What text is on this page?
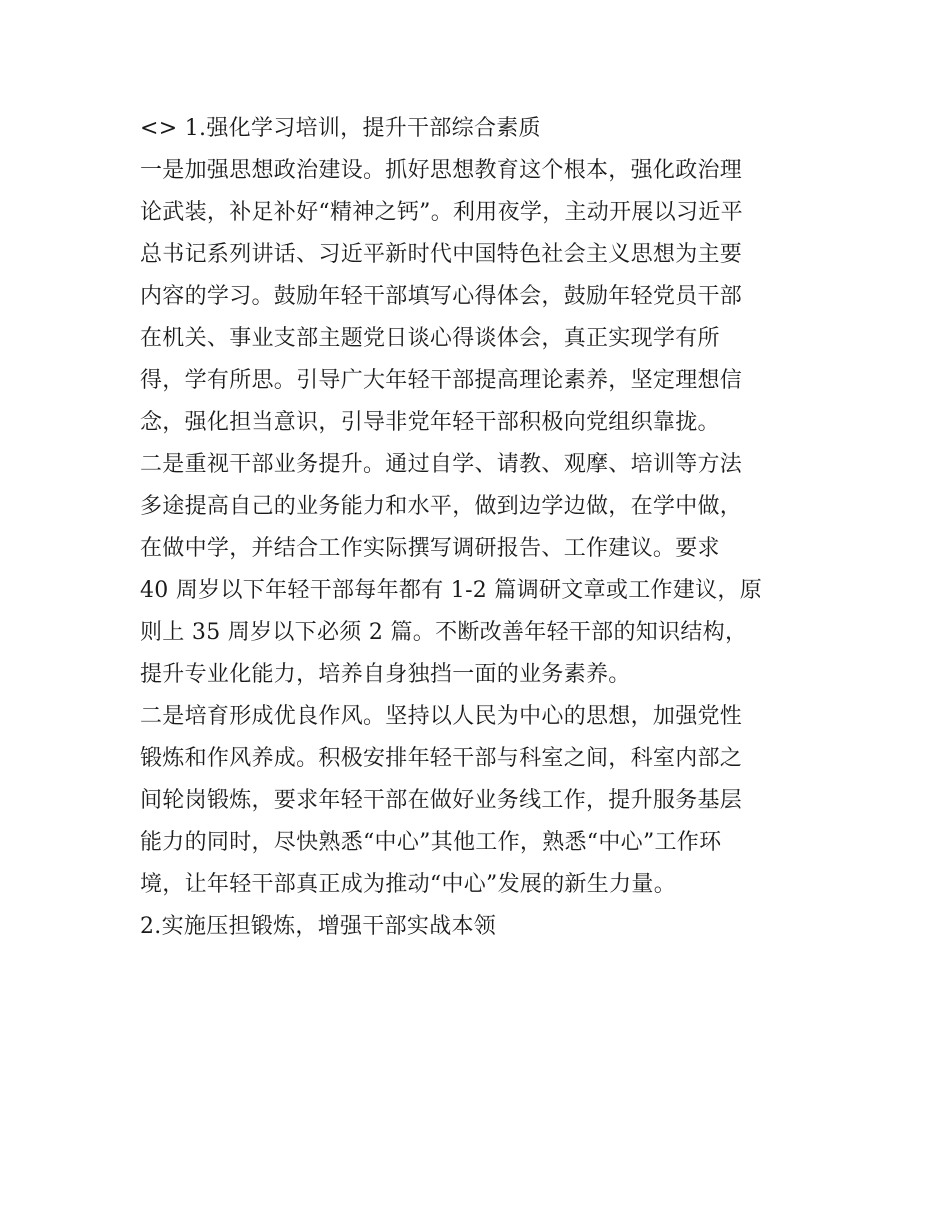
<> 1.强化学习培训，提升干部综合素质
一是加强思想政治建设。抓好思想教育这个根本，强化政治理
论武装，补足补好“精神之钙”。利用夜学，主动开展以习近平
总书记系列讲话、习近平新时代中国特色社会主义思想为主要
内容的学习。鼓励年轻干部填写心得体会，鼓励年轻党员干部
在机关、事业支部主题党日谈心得谈体会，真正实现学有所
得，学有所思。引导广大年轻干部提高理论素养，坚定理想信
念，强化担当意识，引导非党年轻干部积极向党组织靠拢。
二是重视干部业务提升。通过自学、请教、观摩、培训等方法
多途提高自己的业务能力和水平，做到边学边做，在学中做，
在做中学，并结合工作实际撰写调研报告、工作建议。要求
40 周岁以下年轻干部每年都有 1-2 篇调研文章或工作建议，原
则上 35 周岁以下必须 2 篇。不断改善年轻干部的知识结构，
提升专业化能力，培养自身独挡一面的业务素养。
二是培育形成优良作风。坚持以人民为中心的思想，加强党性
锻炼和作风养成。积极安排年轻干部与科室之间，科室内部之
间轮岗锻炼，要求年轻干部在做好业务线工作，提升服务基层
能力的同时，尽快熟悉“中心”其他工作，熟悉“中心”工作环
境，让年轻干部真正成为推动“中心”发展的新生力量。
2.实施压担锻炼，增强干部实战本领
